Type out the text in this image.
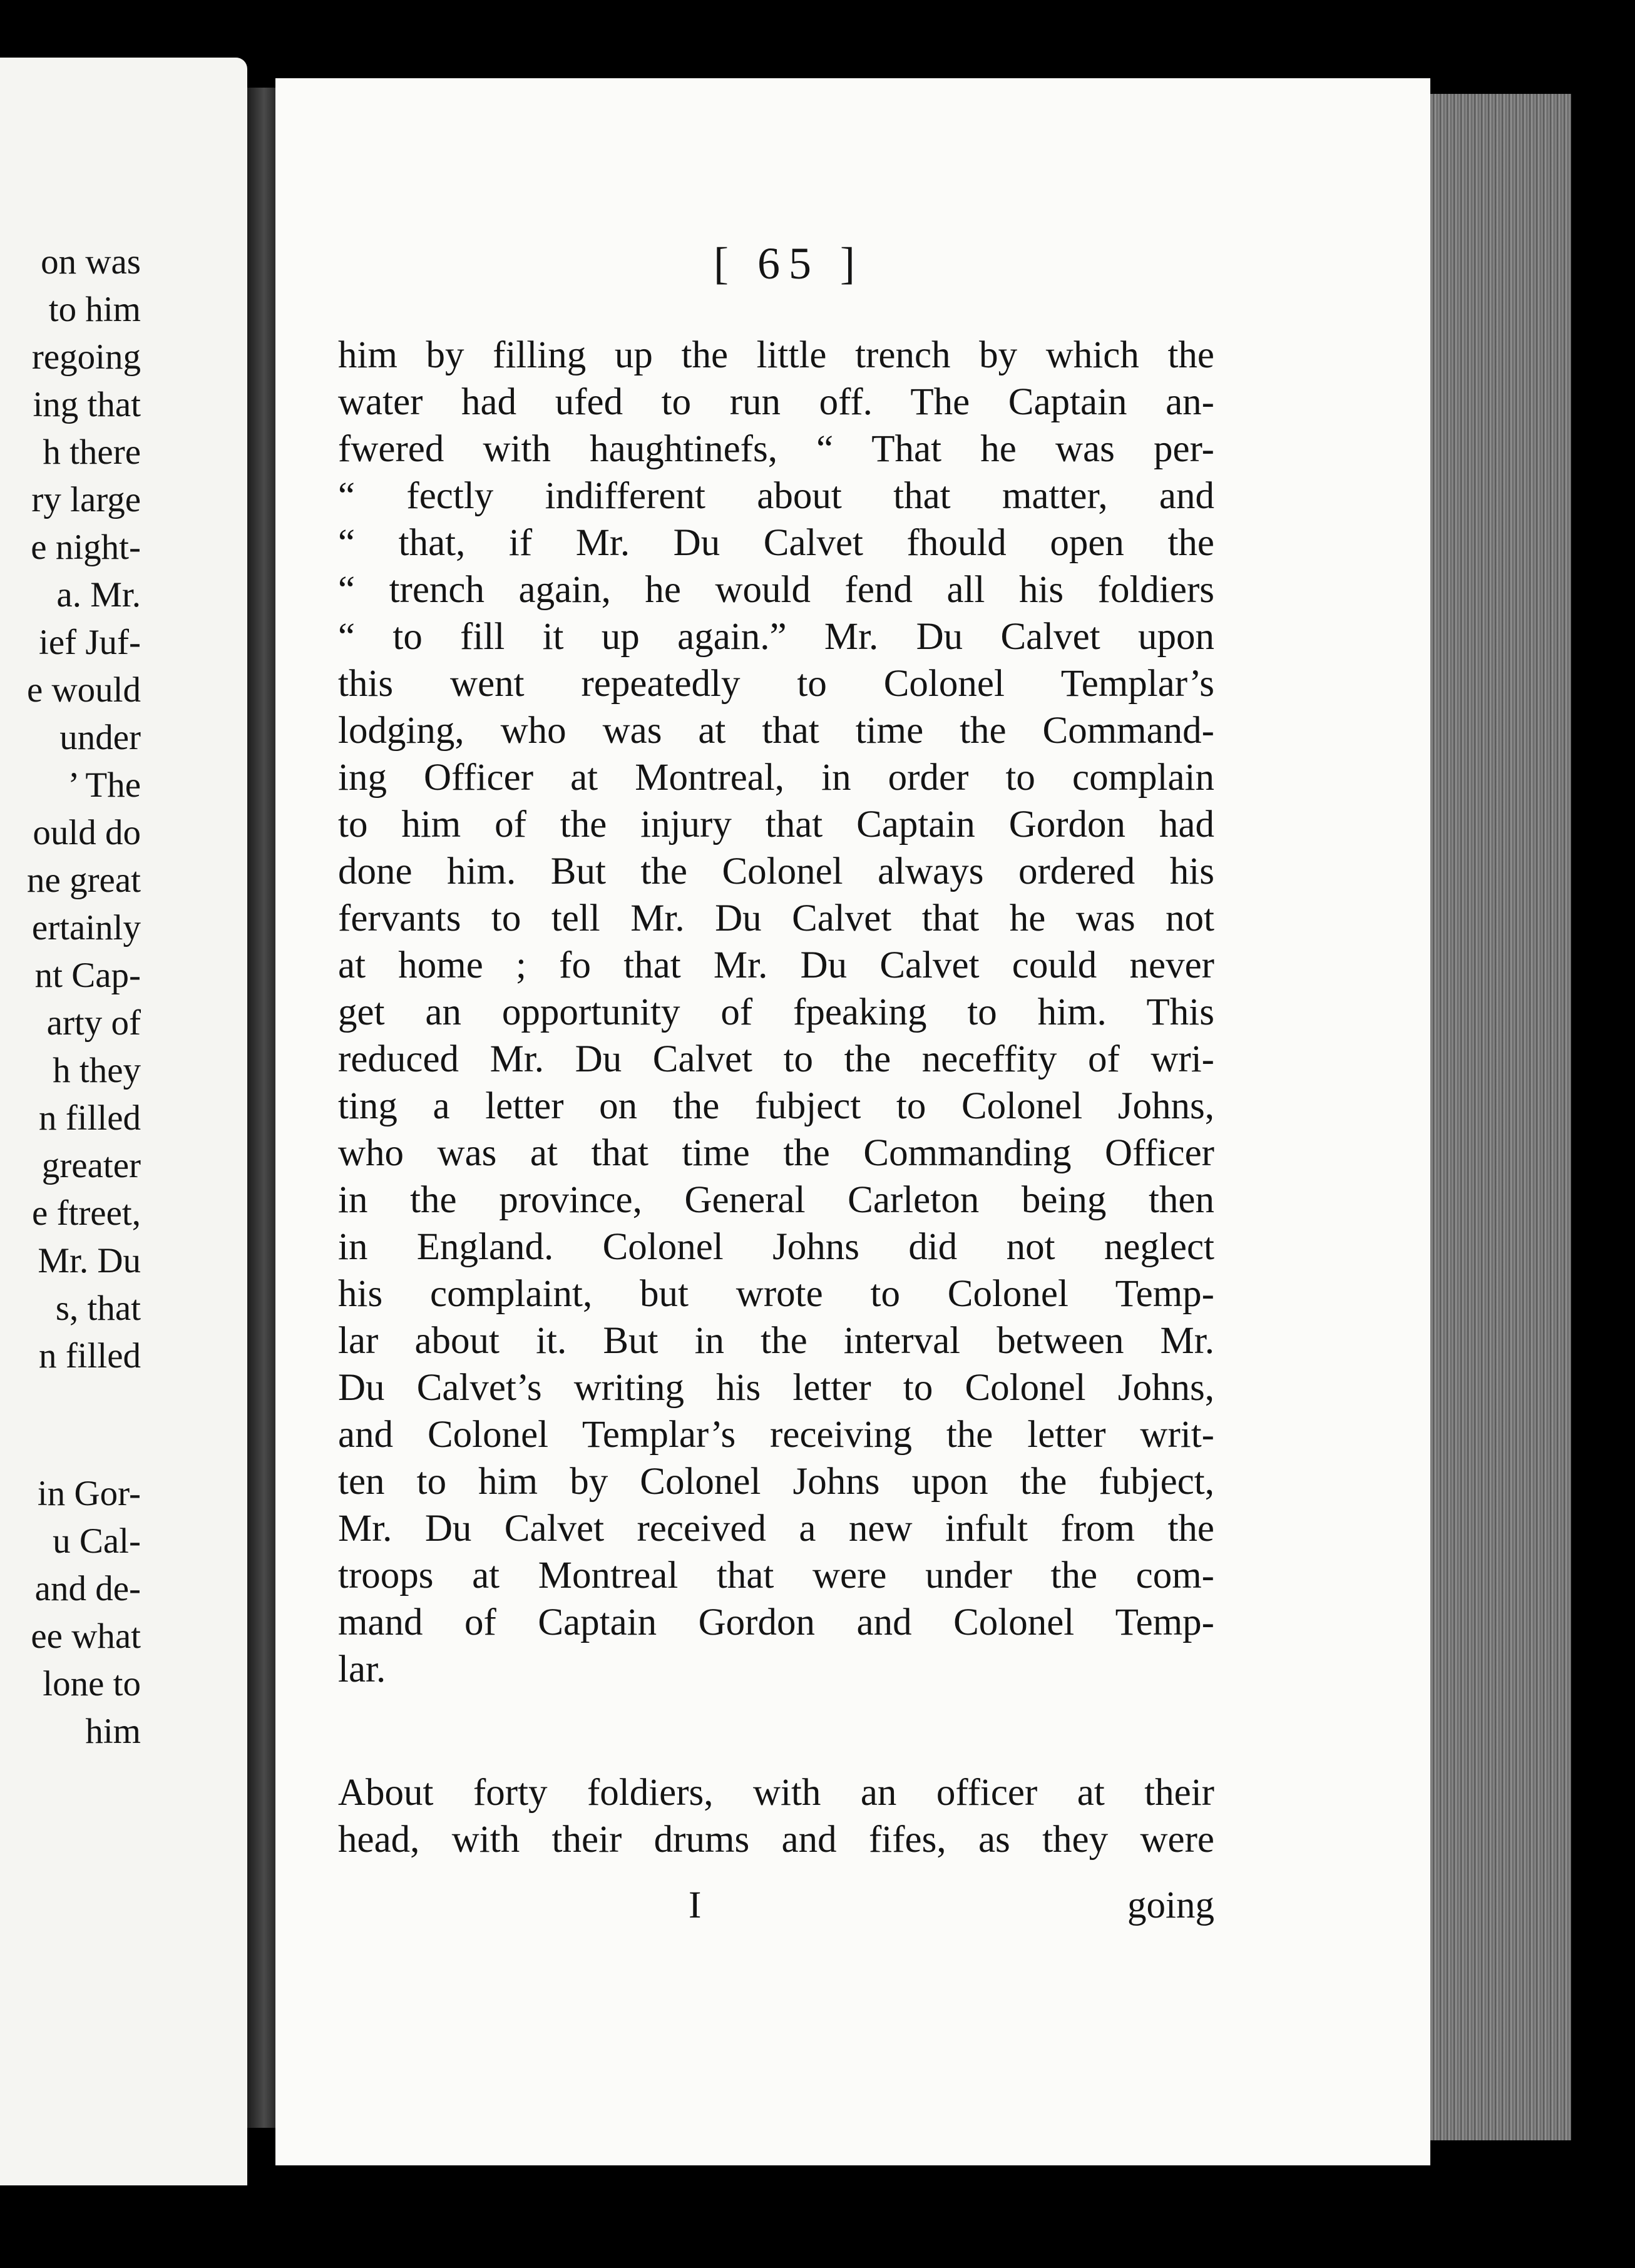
on was
to him
regoing
ing that
h there
ry large
e night-
a. Mr.
ief Juf-
e would
under
’ The
ould do
ne great
ertainly
nt Cap-
arty of
h they
n filled
greater
e ftreet,
Mr. Du
s, that
n filled
in Gor-
u Cal-
and de-
ee what
lone to
him
[ 65 ]
him by filling up the little trench by which the
water had ufed to run off. The Captain an-
fwered with haughtinefs, “ That he was per-
“ fectly indifferent about that matter, and
“ that, if Mr. Du Calvet fhould open the
“ trench again, he would fend all his foldiers
“ to fill it up again.” Mr. Du Calvet upon
this went repeatedly to Colonel Templar’s
lodging, who was at that time the Command-
ing Officer at Montreal, in order to complain
to him of the injury that Captain Gordon had
done him. But the Colonel always ordered his
fervants to tell Mr. Du Calvet that he was not
at home ; fo that Mr. Du Calvet could never
get an opportunity of fpeaking to him. This
reduced Mr. Du Calvet to the neceffity of wri-
ting a letter on the fubject to Colonel Johns,
who was at that time the Commanding Officer
in the province, General Carleton being then
in England. Colonel Johns did not neglect
his complaint, but wrote to Colonel Temp-
lar about it. But in the interval between Mr.
Du Calvet’s writing his letter to Colonel Johns,
and Colonel Templar’s receiving the letter writ-
ten to him by Colonel Johns upon the fubject,
Mr. Du Calvet received a new infult from the
troops at Montreal that were under the com-
mand of Captain Gordon and Colonel Temp-
lar.
About forty foldiers, with an officer at their
head, with their drums and fifes, as they were
I	going
